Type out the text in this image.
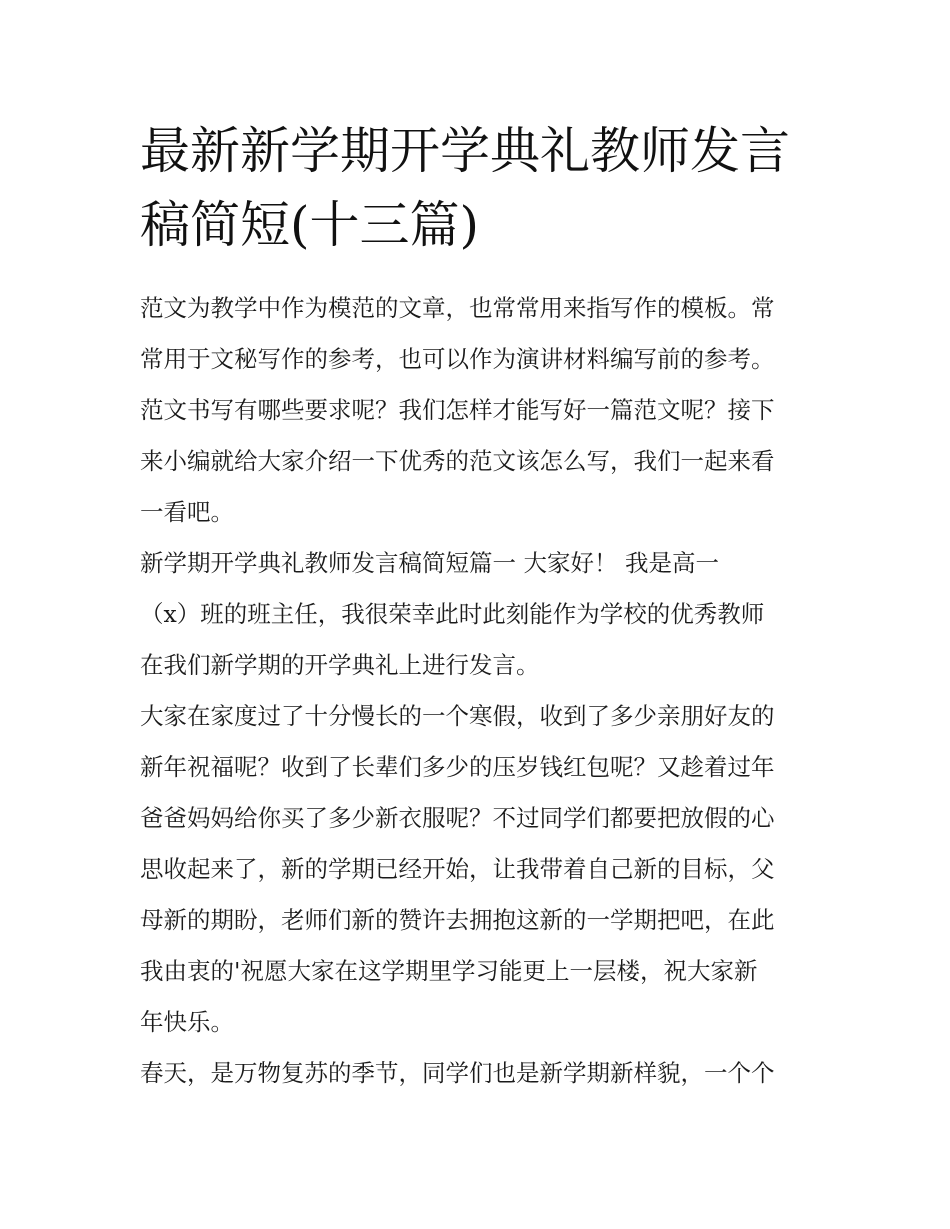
最新新学期开学典礼教师发言
稿简短(十三篇)

范文为教学中作为模范的文章，也常常用来指写作的模板。常
常用于文秘写作的参考，也可以作为演讲材料编写前的参考。
范文书写有哪些要求呢？我们怎样才能写好一篇范文呢？接下
来小编就给大家介绍一下优秀的范文该怎么写，我们一起来看
一看吧。

新学期开学典礼教师发言稿简短篇一 大家好！ 我是高一
（x）班的班主任，我很荣幸此时此刻能作为学校的优秀教师
在我们新学期的开学典礼上进行发言。

大家在家度过了十分慢长的一个寒假，收到了多少亲朋好友的
新年祝福呢？收到了长辈们多少的压岁钱红包呢？又趁着过年
爸爸妈妈给你买了多少新衣服呢？不过同学们都要把放假的心
思收起来了，新的学期已经开始，让我带着自己新的目标，父
母新的期盼，老师们新的赞许去拥抱这新的一学期把吧，在此
我由衷的'祝愿大家在这学期里学习能更上一层楼，祝大家新
年快乐。

春天，是万物复苏的季节，同学们也是新学期新样貌，一个个
